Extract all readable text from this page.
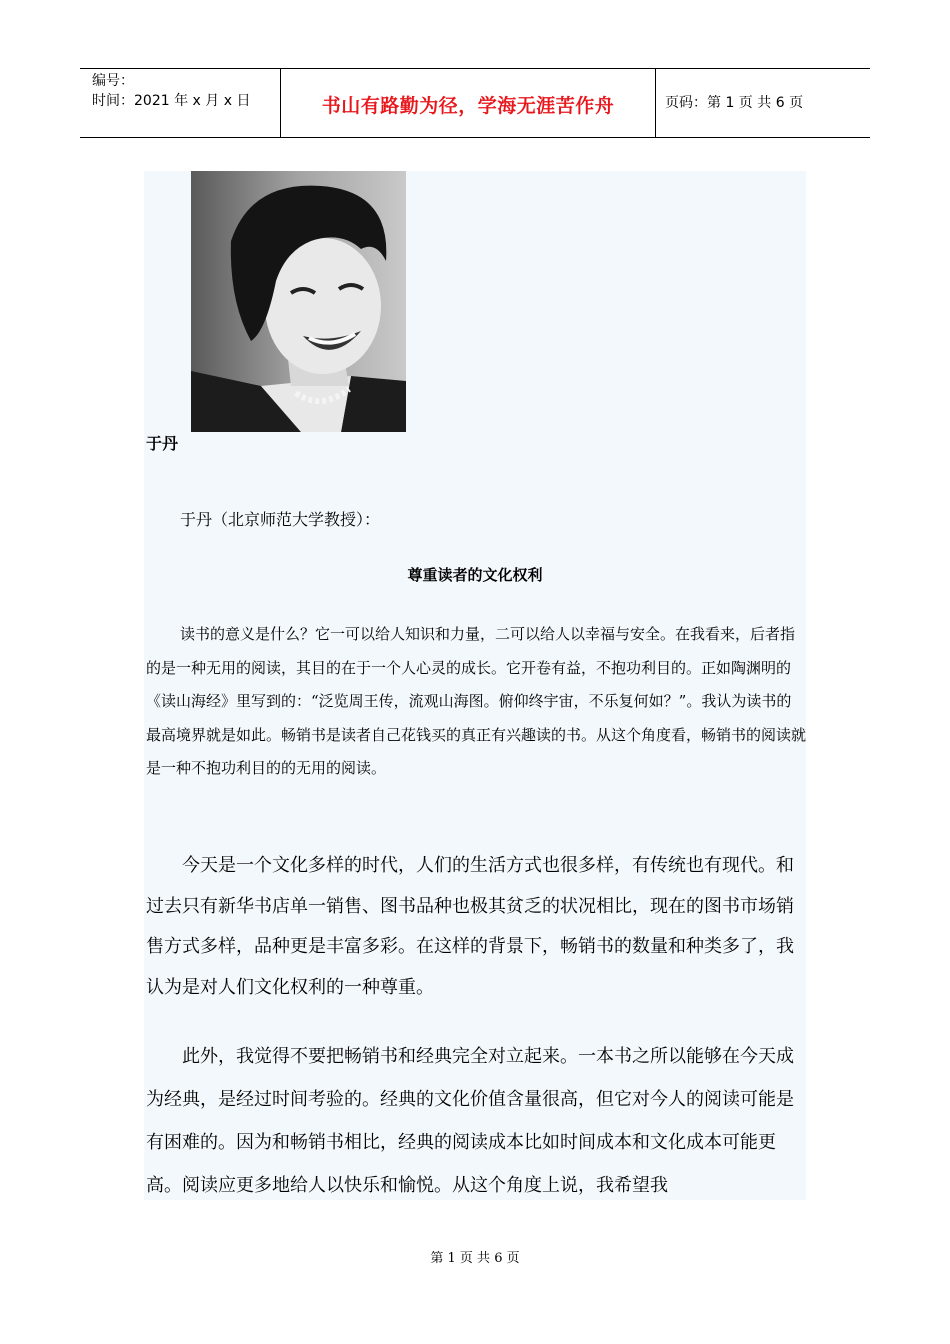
编号：
时间：2021 年 x 月 x 日	书山有路勤为径，学海无涯苦作舟	页码：第 1 页 共 6 页
于丹
于丹（北京师范大学教授）：
尊重读者的文化权利
读书的意义是什么？它一可以给人知识和力量，二可以给人以幸福与安全。在我看来，后者指的是一种无用的阅读，其目的在于一个人心灵的成长。它开卷有益，不抱功利目的。正如陶渊明的《读山海经》里写到的：“泛览周王传，流观山海图。俯仰终宇宙，不乐复何如？”。我认为读书的最高境界就是如此。畅销书是读者自己花钱买的真正有兴趣读的书。从这个角度看，畅销书的阅读就是一种不抱功利目的的无用的阅读。
今天是一个文化多样的时代，人们的生活方式也很多样，有传统也有现代。和过去只有新华书店单一销售、图书品种也极其贫乏的状况相比，现在的图书市场销售方式多样，品种更是丰富多彩。在这样的背景下，畅销书的数量和种类多了，我认为是对人们文化权利的一种尊重。
此外，我觉得不要把畅销书和经典完全对立起来。一本书之所以能够在今天成为经典，是经过时间考验的。经典的文化价值含量很高，但它对今人的阅读可能是有困难的。因为和畅销书相比，经典的阅读成本比如时间成本和文化成本可能更高。阅读应更多地给人以快乐和愉悦。从这个角度上说，我希望我
第 1 页 共 6 页
